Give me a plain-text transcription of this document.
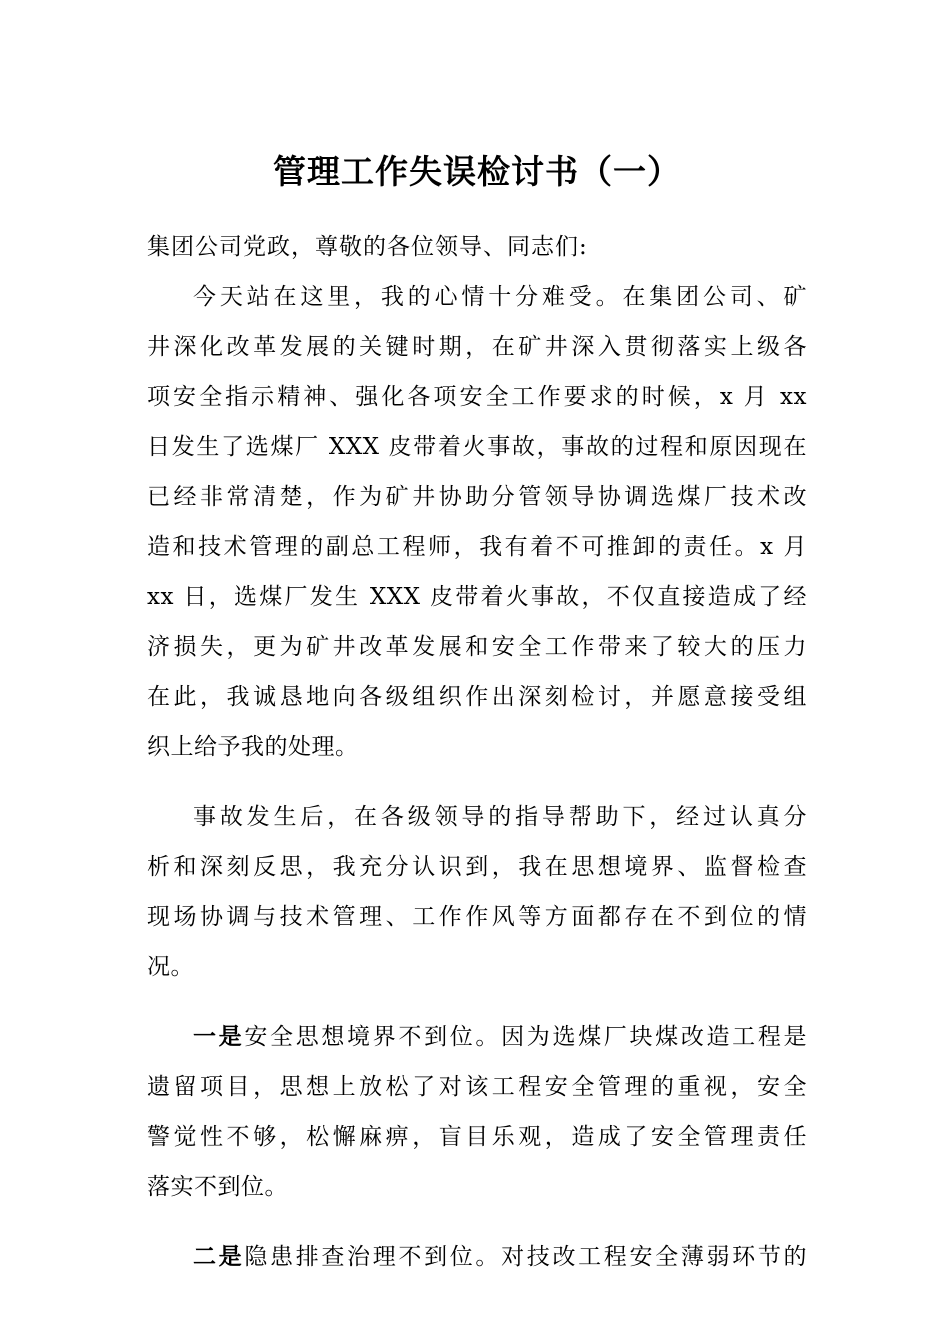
管理工作失误检讨书（一）
集团公司党政，尊敬的各位领导、同志们:
今天站在这里，我的心情十分难受。在集团公司、矿
井深化改革发展的关键时期，在矿井深入贯彻落实上级各
项安全指示精神、强化各项安全工作要求的时候，x 月 xx
日发生了选煤厂 XXX 皮带着火事故，事故的过程和原因现在
已经非常清楚，作为矿井协助分管领导协调选煤厂技术改
造和技术管理的副总工程师，我有着不可推卸的责任。x 月
xx 日，选煤厂发生 XXX 皮带着火事故，不仅直接造成了经
济损失，更为矿井改革发展和安全工作带来了较大的压力
在此，我诚恳地向各级组织作出深刻检讨，并愿意接受组
织上给予我的处理。
事故发生后，在各级领导的指导帮助下，经过认真分
析和深刻反思，我充分认识到，我在思想境界、监督检查
现场协调与技术管理、工作作风等方面都存在不到位的情
况。
一是安全思想境界不到位。因为选煤厂块煤改造工程是
遗留项目，思想上放松了对该工程安全管理的重视，安全
警觉性不够，松懈麻痹，盲目乐观，造成了安全管理责任
落实不到位。
二是隐患排查治理不到位。对技改工程安全薄弱环节的
